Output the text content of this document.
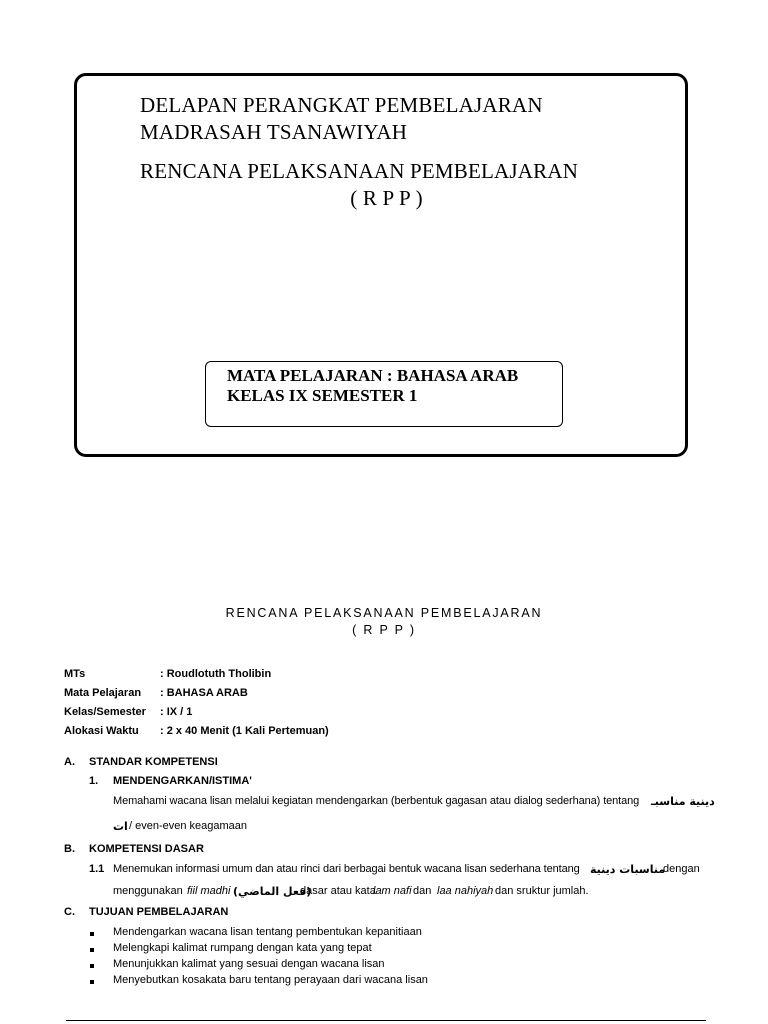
DELAPAN PERANGKAT PEMBELAJARAN
MADRASAH TSANAWIYAH
RENCANA PELAKSANAAN PEMBELAJARAN
( R P P )
MATA PELAJARAN : BAHASA ARAB
KELAS IX SEMESTER 1
RENCANA PELAKSANAAN PEMBELAJARAN
( R P P )
MTs	: Roudlotuth Tholibin
Mata Pelajaran : BAHASA ARAB
Kelas/Semester : IX / 1
Alokasi Waktu : 2 x 40 Menit (1 Kali Pertemuan)
A. STANDAR KOMPETENSI
1. MENDENGARKAN/ISTIMA'
Memahami wacana lisan melalui kegiatan mendengarkan (berbentuk gagasan atau dialog sederhana) tentang دينية مناسبـ
ات / even-even keagamaan
B. KOMPETENSI DASAR
1.1 Menemukan informasi umum dan atau rinci dari berbagai bentuk wacana lisan sederhana tentang مناسبات دينية
dengan
menggunakan fiil madhi (فعل الماضي)
dasar atau kata
lam nafi dan laa nahiyah dan sruktur jumlah.
C. TUJUAN PEMBELAJARAN
Mendengarkan wacana lisan tentang pembentukan kepanitiaan
Melengkapi kalimat rumpang dengan kata yang tepat
Menunjukkan kalimat yang sesuai dengan wacana lisan
Menyebutkan kosakata baru tentang perayaan dari wacana lisan
